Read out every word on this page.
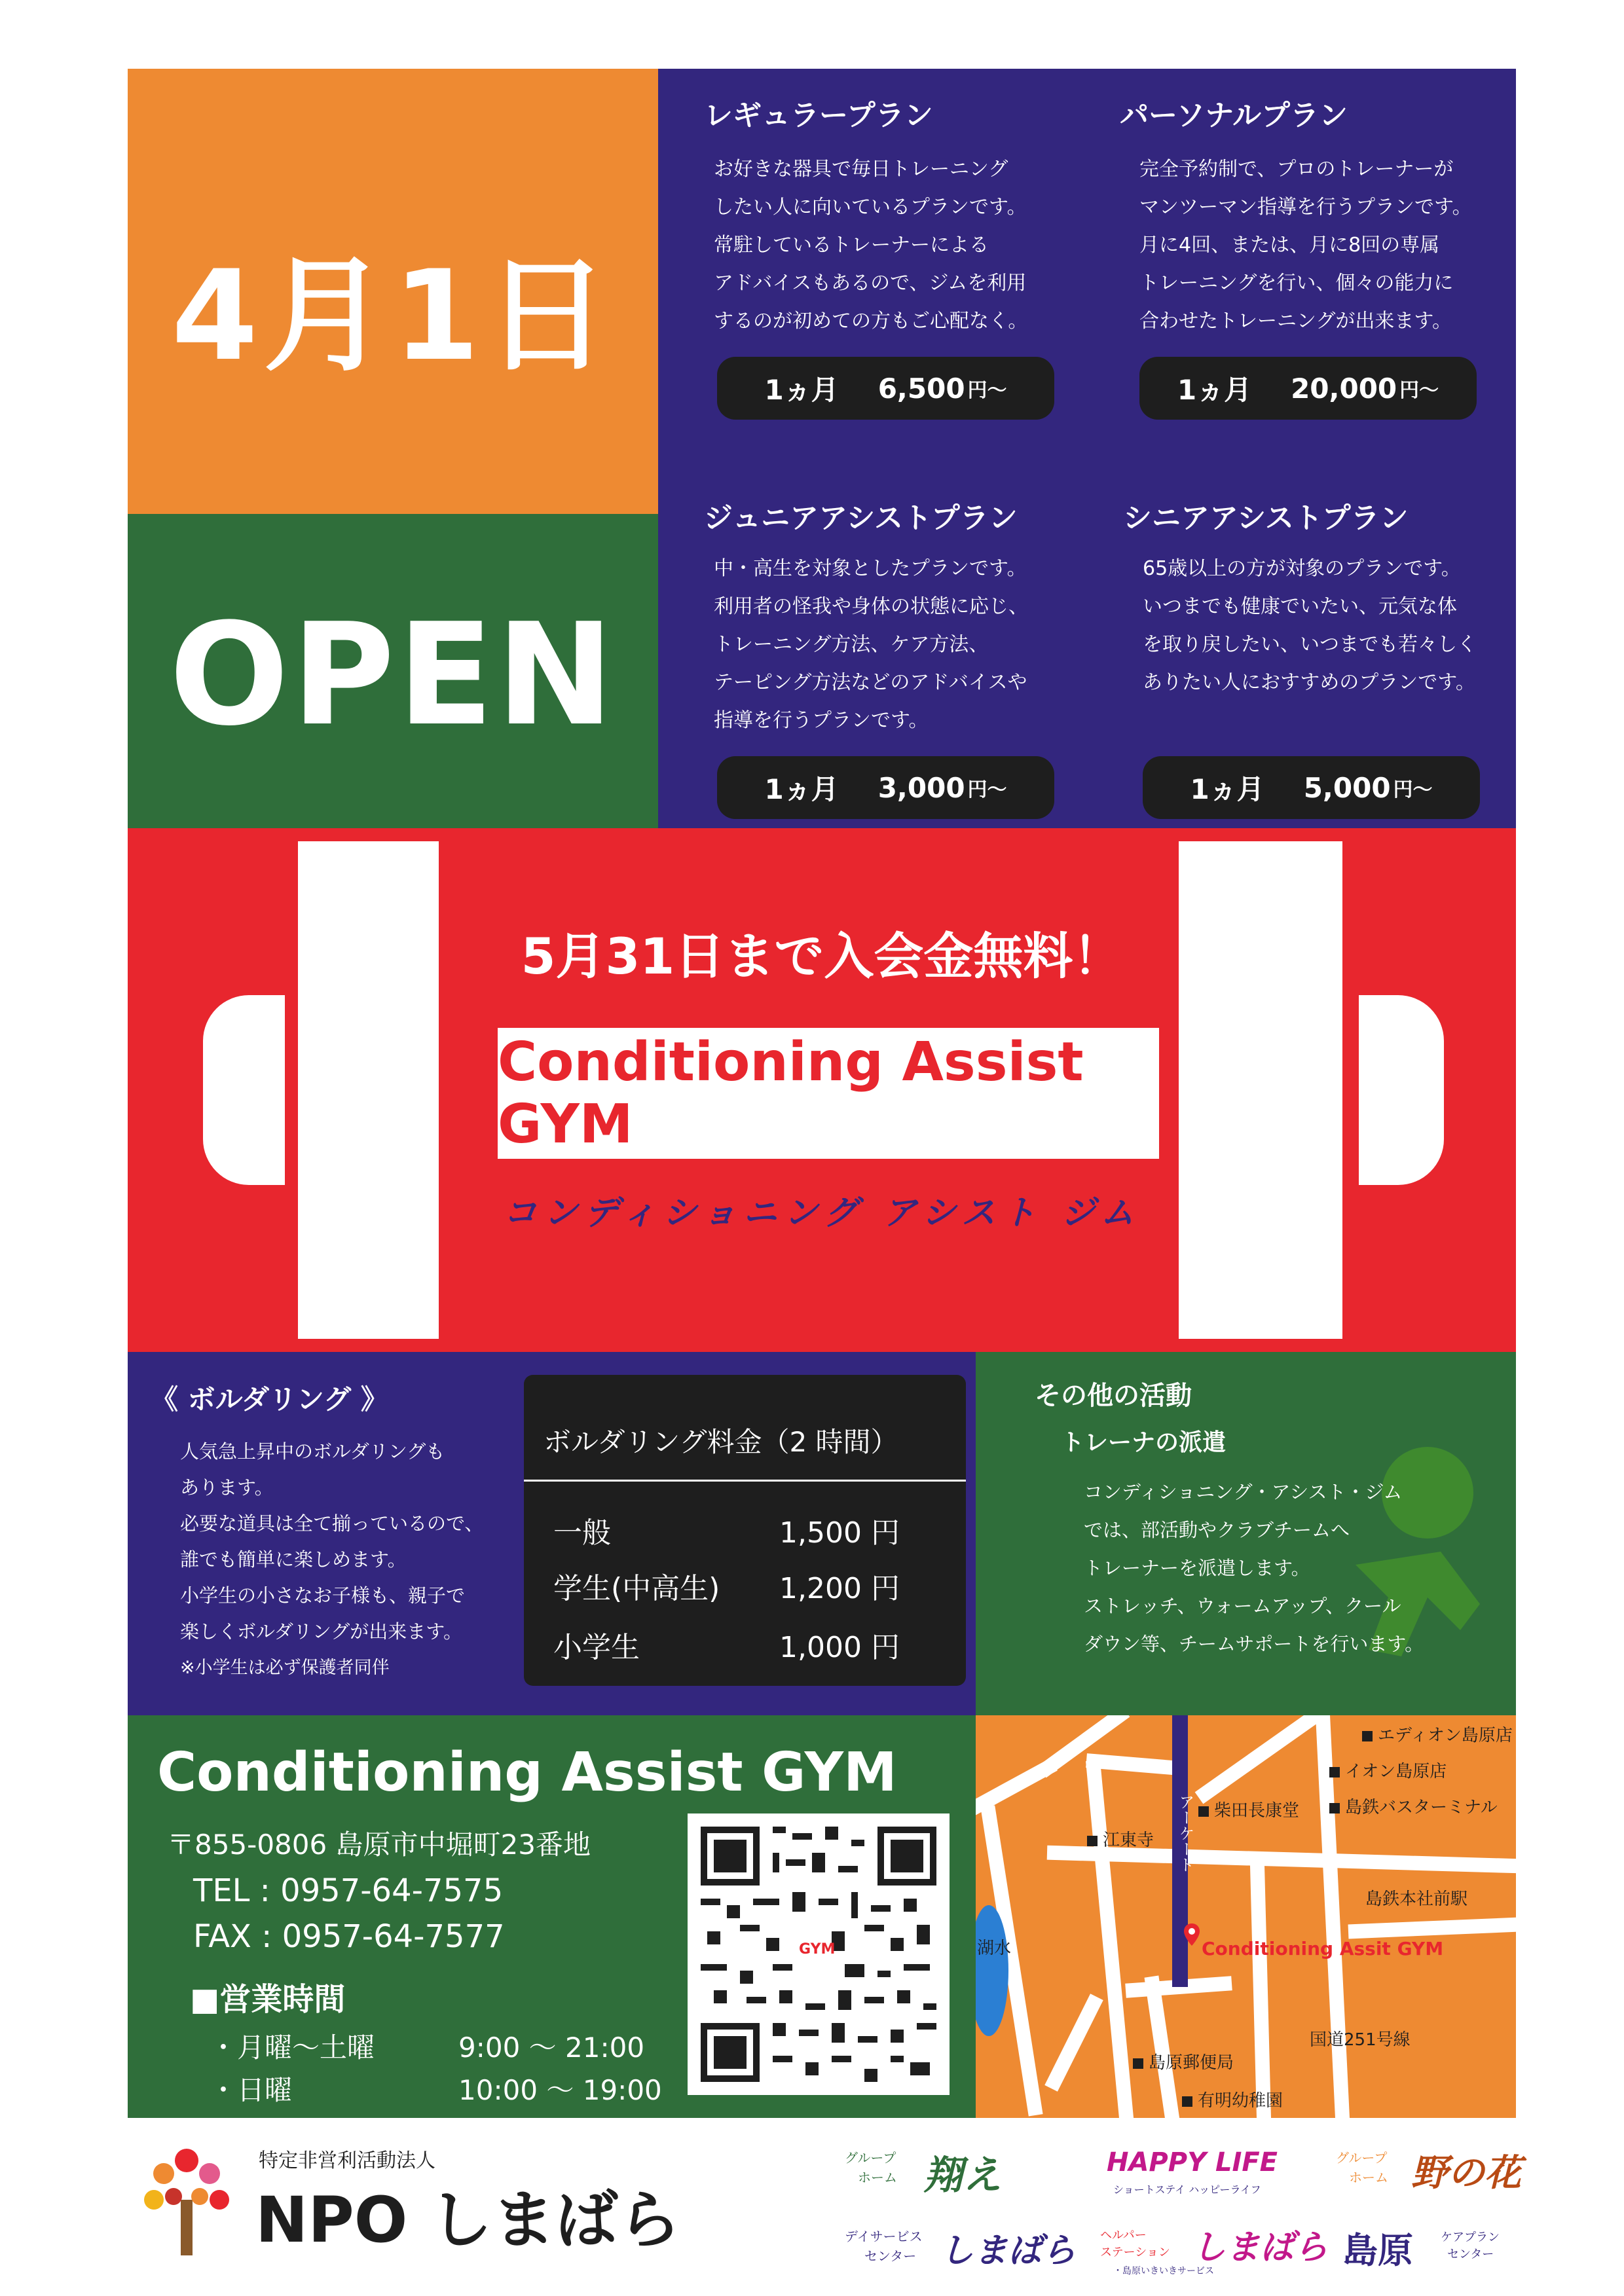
4月1日
OPEN
レギュラープラン
お好きな器具で毎日トレーニング
したい人に向いているプランです。
常駐しているトレーナーによる
アドバイスもあるので、ジムを利用
するのが初めての方もご心配なく。
1ヵ月 6,500 円～
パーソナルプラン
完全予約制で、プロのトレーナーが
マンツーマン指導を行うプランです。
月に4回、または、月に8回の専属
トレーニングを行い、個々の能力に
合わせたトレーニングが出来ます。
1ヵ月 20,000 円～
ジュニアアシストプラン
中・高生を対象としたプランです。
利用者の怪我や身体の状態に応じ、
トレーニング方法、ケア方法、
テーピング方法などのアドバイスや
指導を行うプランです。
1ヵ月 3,000 円～
シニアアシストプラン
65歳以上の方が対象のプランです。
いつまでも健康でいたい、元気な体
を取り戻したい、いつまでも若々しく
ありたい人におすすめのプランです。
1ヵ月 5,000 円～
5月31日まで入会金無料！
Conditioning Assist GYM
コンディショニング アシスト ジム
《 ボルダリング 》
人気急上昇中のボルダリングも
あります。
必要な道具は全て揃っているので、
誰でも簡単に楽しめます。
小学生の小さなお子様も、親子で
楽しくボルダリングが出来ます。
※小学生は必ず保護者同伴
ボルダリング料金（2 時間）
一般	1,500 円
学生(中高生) 1,200 円
小学生	1,000 円
その他の活動
トレーナの派遣
コンディショニング・アシスト・ジム
では、部活動やクラブチームへ
トレーナーを派遣します。
ストレッチ、ウォームアップ、クール
ダウン等、チームサポートを行います。
Conditioning Assist GYM
〒855-0806 島原市中堀町23番地
TEL : 0957-64-7575
FAX : 0957-64-7577
■営業時間
・月曜～土曜	9:00 ～ 21:00
・日曜	10:00 ～ 19:00
GYM
アーケード
湖水	Conditioning Assit GYM
エディオン島原店
イオン島原店
島鉄バスターミナル
柴田長康堂
江東寺
島鉄本社前駅
国道251号線
島原郵便局
有明幼稚園
特定非営利活動法人
NPO しまばら
グループ
ホーム 翔え	HAPPY LIFE
ショートステイ ハッピーライフ
グループ
ホーム 野の花
デイサービス
センター しまばら ヘルパー
ステーション しまばら
・島原いきいきサービス	島原 ケアプラン
センター
